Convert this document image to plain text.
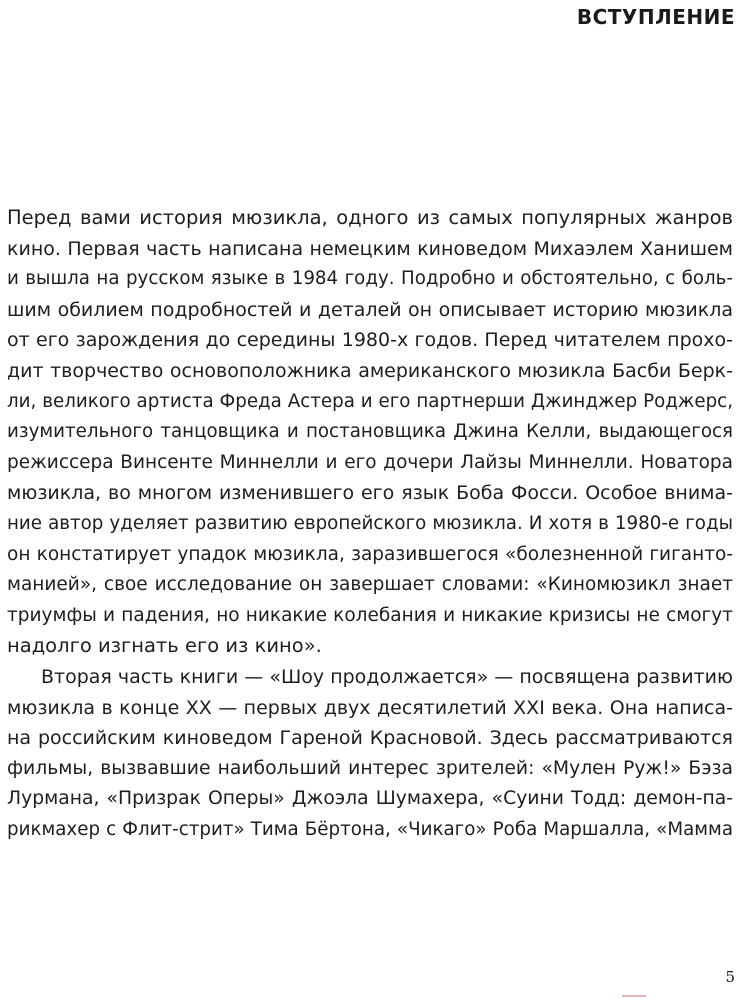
ВСТУПЛЕНИЕ
Перед вами история мюзикла, одного из самых популярных жанров
кино. Первая часть написана немецким киноведом Михаэлем Ханишем
и вышла на русском языке в 1984 году. Подробно и обстоятельно, с боль-
шим обилием подробностей и деталей он описывает историю мюзикла
от его зарождения до середины 1980-х годов. Перед читателем прохо-
дит творчество основоположника американского мюзикла Басби Берк-
ли, великого артиста Фреда Астера и его партнерши Джинджер Роджерс,
изумительного танцовщика и постановщика Джина Келли, выдающегося
режиссера Винсенте Миннелли и его дочери Лайзы Миннелли. Новатора
мюзикла, во многом изменившего его язык Боба Фосси. Особое внима-
ние автор уделяет развитию европейского мюзикла. И хотя в 1980-е годы
он констатирует упадок мюзикла, заразившегося «болезненной гиганто-
манией», свое исследование он завершает словами: «Киномюзикл знает
триумфы и падения, но никакие колебания и никакие кризисы не смогут
надолго изгнать его из кино».
Вторая часть книги — «Шоу продолжается» — посвящена развитию
мюзикла в конце XX — первых двух десятилетий XXI века. Она написа-
на российским киноведом Гареной Красновой. Здесь рассматриваются
фильмы, вызвавшие наибольший интерес зрителей: «Мулен Руж!» Бэза
Лурмана, «Призрак Оперы» Джоэла Шумахера, «Суини Тодд: демон-па-
рикмахер с Флит-стрит» Тима Бёртона, «Чикаго» Роба Маршалла, «Мамма
5
